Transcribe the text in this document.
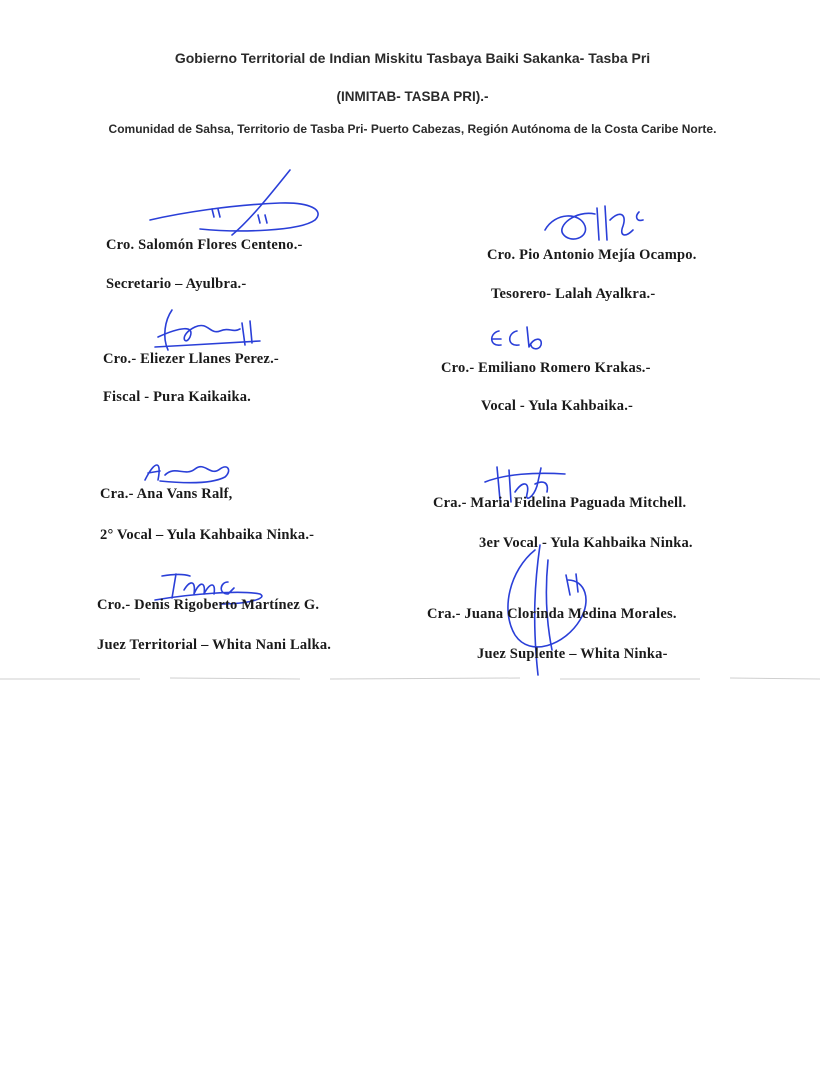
Gobierno Territorial de Indian Miskitu Tasbaya Baiki Sakanka- Tasba Pri
(INMITAB- TASBA PRI).-
Comunidad de Sahsa, Territorio de Tasba Pri- Puerto Cabezas, Región Autónoma de la Costa Caribe Norte.
Cro. Salomón Flores Centeno.-
Secretario – Ayulbra.-
Cro. Pio Antonio Mejía Ocampo.
Tesorero- Lalah Ayalkra.-
Cro.- Eliezer Llanes Perez.-
Fiscal - Pura Kaikaika.
Cro.- Emiliano Romero Krakas.-
Vocal - Yula Kahbaika.-
Cra.- Ana Vans Ralf,
2° Vocal – Yula Kahbaika Ninka.-
Cra.- Maria Fidelina Paguada Mitchell.
3er Vocal - Yula Kahbaika Ninka.
Cro.- Denis Rigoberto Martínez G.
Juez Territorial – Whita Nani Lalka.
Cra.- Juana Clorinda Medina Morales.
Juez Suplente – Whita Ninka-
